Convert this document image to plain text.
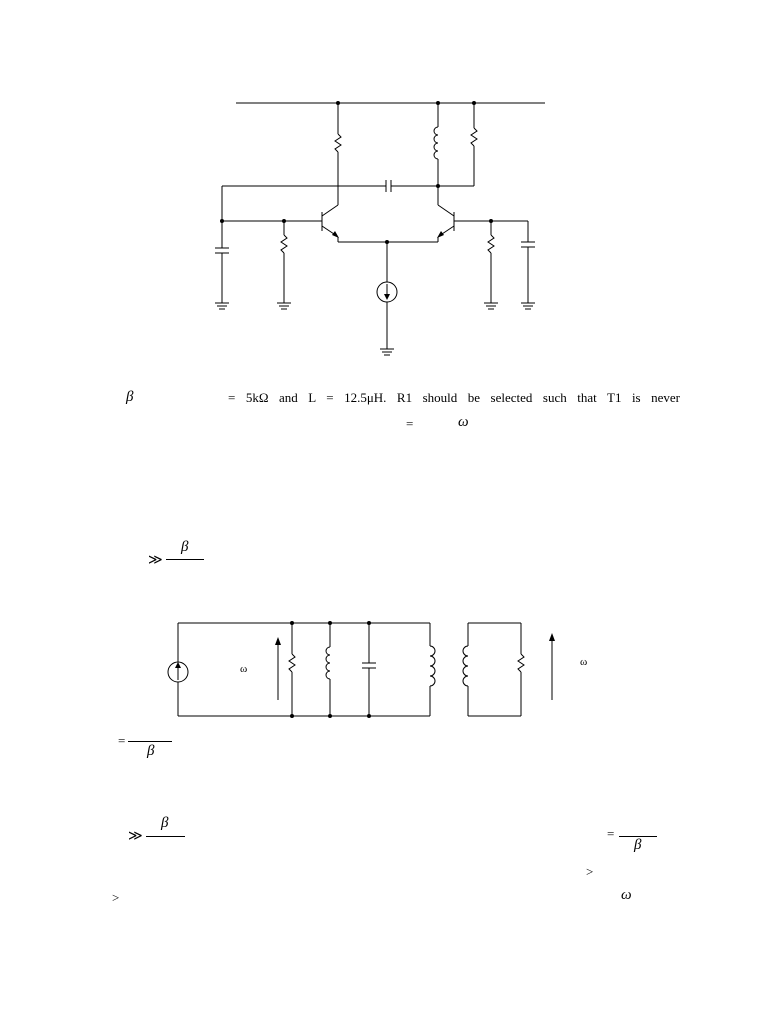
β	= 5kΩ and L = 12.5μH. R1 should be selected such that T1 is never
=	ω
≫
β
ω
ω
=
β
≫
β
=
β
>
>	ω
